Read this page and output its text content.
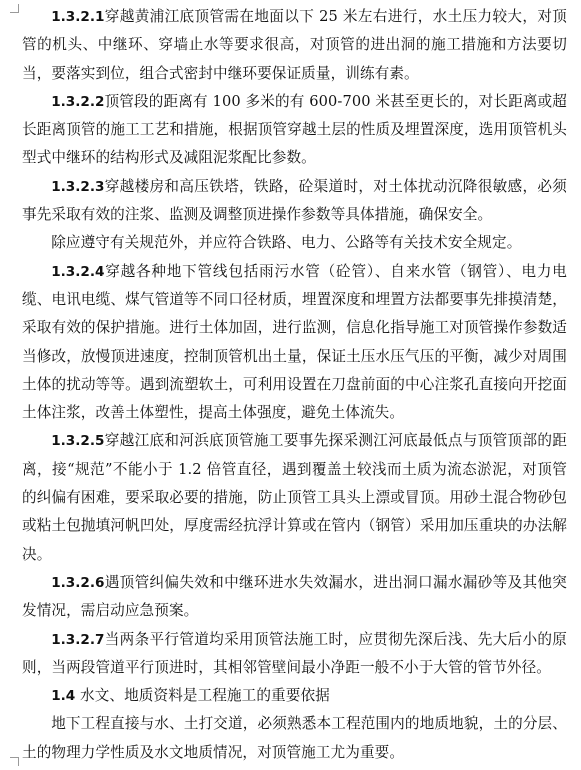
1.3.2.1穿越黄浦江底顶管需在地面以下 25 米左右进行，水土压力较大，对顶管的机头、中继环、穿墙止水等要求很高，对顶管的进出洞的施工措施和方法要切当，要落实到位，组合式密封中继环要保证质量，训练有素。

1.3.2.2顶管段的距离有 100 多米的有 600-700 米甚至更长的，对长距离或超长距离顶管的施工工艺和措施，根据顶管穿越土层的性质及埋置深度，选用顶管机头型式中继环的结构形式及减阻泥浆配比参数。

1.3.2.3穿越楼房和高压铁塔，铁路，砼渠道时，对土体扰动沉降很敏感，必须事先采取有效的注浆、监测及调整顶进操作参数等具体措施，确保安全。

除应遵守有关规范外，并应符合铁路、电力、公路等有关技术安全规定。

1.3.2.4穿越各种地下管线包括雨污水管（砼管）、自来水管（钢管）、电力电缆、电讯电缆、煤气管道等不同口径材质，埋置深度和埋置方法都要事先排摸清楚，采取有效的保护措施。进行土体加固，进行监测，信息化指导施工对顶管操作参数适当修改，放慢顶进速度，控制顶管机出土量，保证土压水压气压的平衡，减少对周围土体的扰动等等。遇到流塑软土，可利用设置在刀盘前面的中心注浆孔直接向开挖面土体注浆，改善土体塑性，提高土体强度，避免土体流失。

1.3.2.5穿越江底和河浜底顶管施工要事先探采测江河底最低点与顶管顶部的距离，接“规范”不能小于 1.2 倍管直径，遇到覆盖土较浅而土质为流态淤泥，对顶管的纠偏有困难，要采取必要的措施，防止顶管工具头上漂或冒顶。用砂土混合物砂包或粘土包抛填河帆凹处，厚度需经抗浮计算或在管内（钢管）采用加压重块的办法解决。

1.3.2.6遇顶管纠偏失效和中继环进水失效漏水，进出洞口漏水漏砂等及其他突发情况，需启动应急预案。

1.3.2.7当两条平行管道均采用顶管法施工时，应贯彻先深后浅、先大后小的原则，当两段管道平行顶进时，其相邻管壁间最小净距一般不小于大管的管节外径。

1.4 水文、地质资料是工程施工的重要依据

地下工程直接与水、土打交道，必须熟悉本工程范围内的地质地貌，土的分层、土的物理力学性质及水文地质情况，对顶管施工尤为重要。
